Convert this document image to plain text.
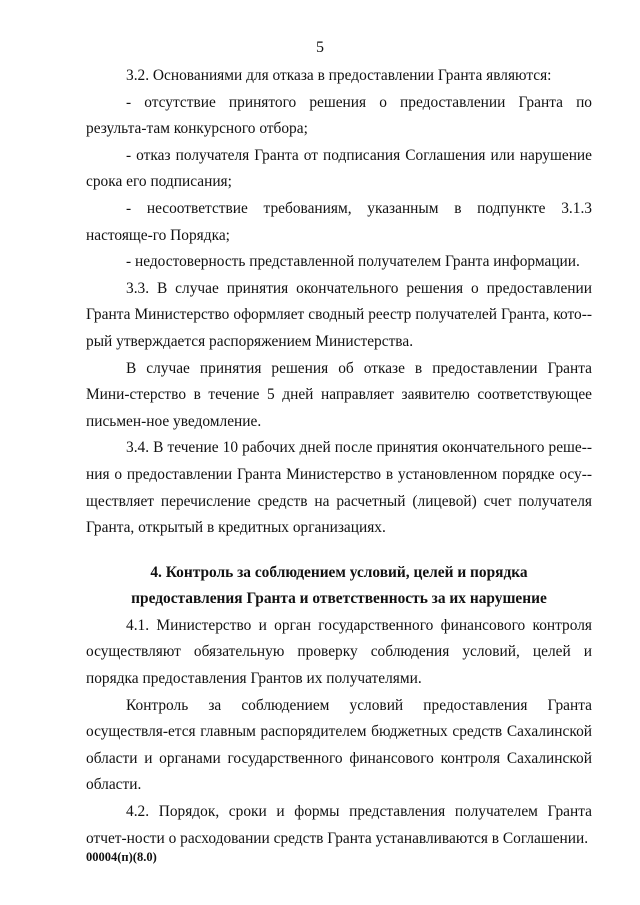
5

3.2. Основаниями для отказа в предоставлении Гранта являются:

- отсутствие принятого решения о предоставлении Гранта по результа-там конкурсного отбора;

- отказ получателя Гранта от подписания Соглашения или нарушение срока его подписания;

- несоответствие требованиям, указанным в подпункте 3.1.3 настояще-го Порядка;

- недостоверность представленной получателем Гранта информации.

3.3. В случае принятия окончательного решения о предоставлении Гранта Министерство оформляет сводный реестр получателей Гранта, кото-рый утверждается распоряжением Министерства.

В случае принятия решения об отказе в предоставлении Гранта Мини-стерство в течение 5 дней направляет заявителю соответствующее письмен-ное уведомление.

3.4. В течение 10 рабочих дней после принятия окончательного реше-ния о предоставлении Гранта Министерство в установленном порядке осу-ществляет перечисление средств на расчетный (лицевой) счет получателя Гранта, открытый в кредитных организациях.

4. Контроль за соблюдением условий, целей и порядка

предоставления Гранта и ответственность за их нарушение

4.1. Министерство и орган государственного финансового контроля осуществляют обязательную проверку соблюдения условий, целей и порядка предоставления Грантов их получателями.

Контроль за соблюдением условий предоставления Гранта осуществля-ется главным распорядителем бюджетных средств Сахалинской области и органами государственного финансового контроля Сахалинской области.

4.2. Порядок, сроки и формы представления получателем Гранта отчет-ности о расходовании средств Гранта устанавливаются в Соглашении.

00004(п)(8.0)
